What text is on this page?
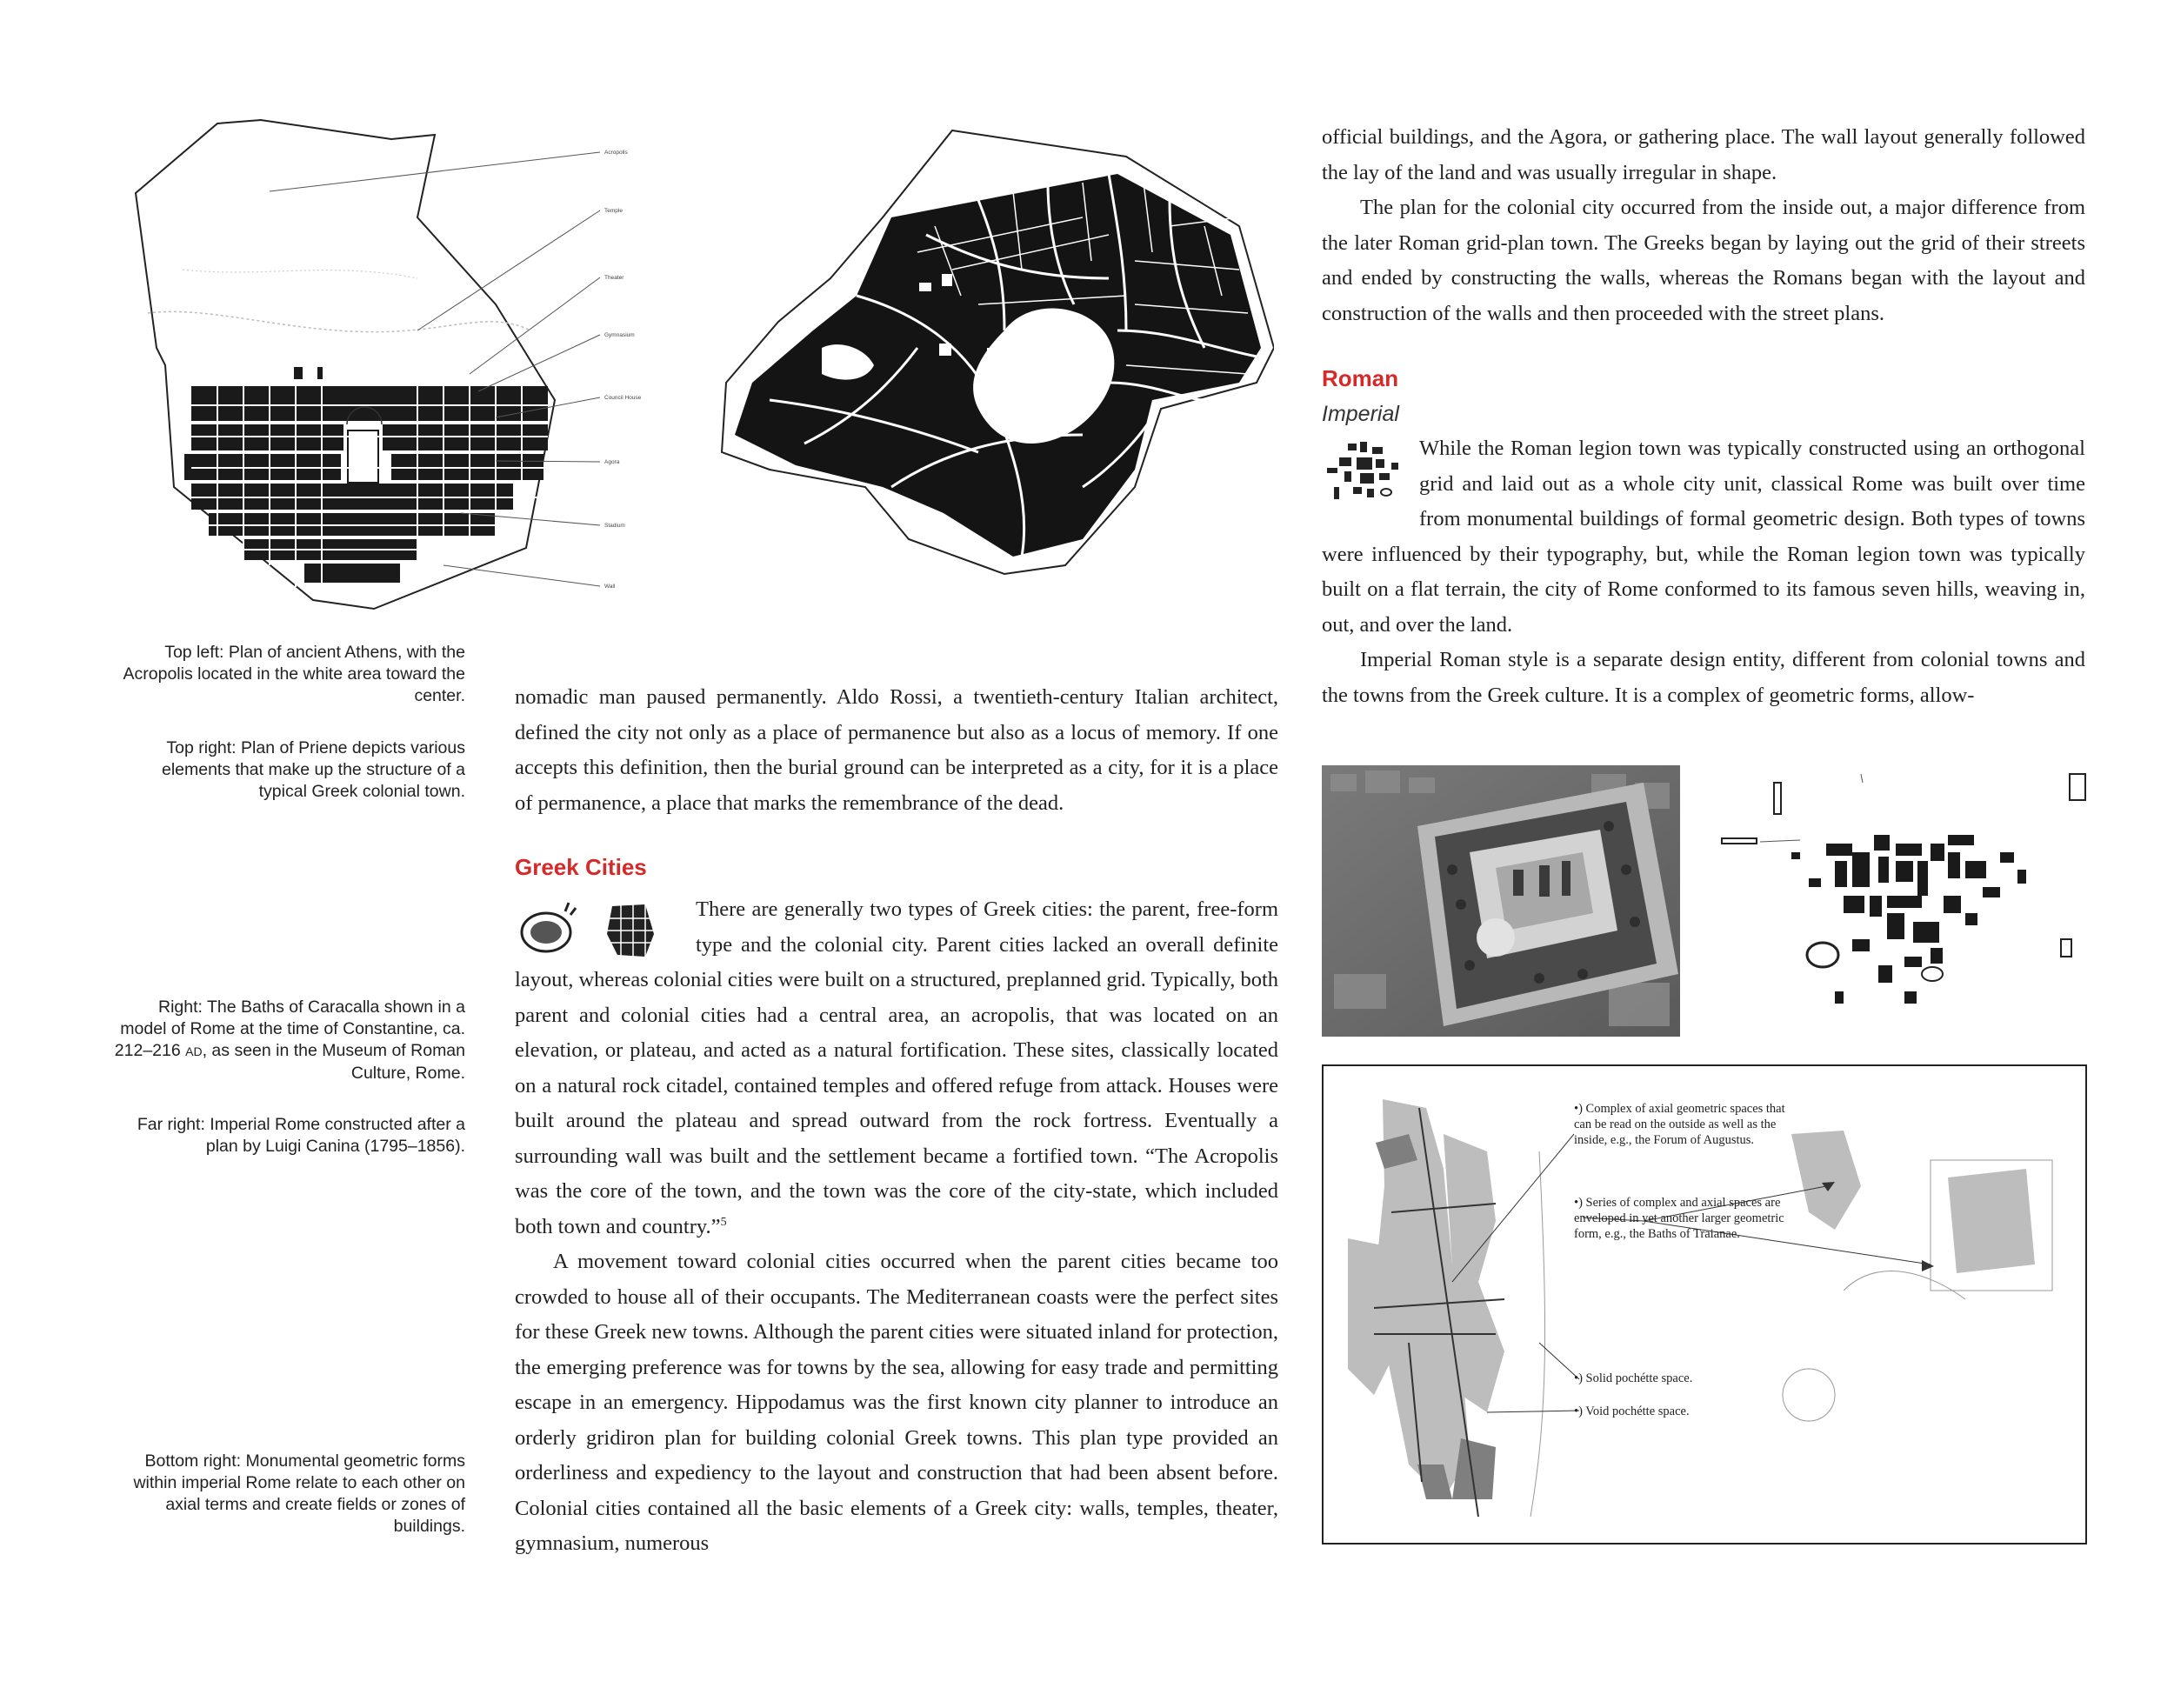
Top left: Plan of ancient Athens, with the Acropolis located in the white area toward the center.
Top right: Plan of Priene depicts various elements that make up the structure of a typical Greek colonial town.
Right: The Baths of Caracalla shown in a model of Rome at the time of Constantine, ca. 212–216 AD, as seen in the Museum of Roman Culture, Rome.
Far right: Imperial Rome constructed after a plan by Luigi Canina (1795–1856).
Bottom right: Monumental geometric forms within imperial Rome relate to each other on axial terms and create fields or zones of buildings.
Acropolis
Temple
Theater
Gymnasium
Council House
Agora
Stadium
Wall

nomadic man paused permanently. Aldo Rossi, a twentieth-century Italian architect, defined the city not only as a place of permanence but also as a locus of memory. If one accepts this definition, then the burial ground can be interpreted as a city, for it is a place of permanence, a place that marks the remembrance of the dead.

Greek Cities

There are generally two types of Greek cities: the parent, free-form type and the colonial city. Parent cities lacked an overall definite layout, whereas colonial cities were built on a structured, preplanned grid. Typically, both parent and colonial cities had a central area, an acropolis, that was located on an elevation, or plateau, and acted as a natural fortification. These sites, classically located on a natural rock citadel, contained temples and offered refuge from attack. Houses were built around the plateau and spread outward from the rock fortress. Eventually a surrounding wall was built and the settlement became a fortified town. “The Acropolis was the core of the town, and the town was the core of the city-state, which included both town and country.”$^5$

A movement toward colonial cities occurred when the parent cities became too crowded to house all of their occupants. The Mediterranean coasts were the perfect sites for these Greek new towns. Although the parent cities were situated inland for protection, the emerging preference was for towns by the sea, allowing for easy trade and permitting escape in an emergency. Hippodamus was the first known city planner to introduce an orderly gridiron plan for building colonial Greek towns. This plan type provided an orderliness and expediency to the layout and construction that had been absent before. Colonial cities contained all the basic elements of a Greek city: walls, temples, theater, gymnasium, numerous

official buildings, and the Agora, or gathering place. The wall layout generally followed the lay of the land and was usually irregular in shape.

The plan for the colonial city occurred from the inside out, a major difference from the later Roman grid-plan town. The Greeks began by laying out the grid of their streets and ended by constructing the walls, whereas the Romans began with the layout and construction of the walls and then proceeded with the street plans.

Roman
Imperial

While the Roman legion town was typically constructed using an orthogonal grid and laid out as a whole city unit, classical Rome was built over time from monumental buildings of formal geometric design. Both types of towns were influenced by their typography, but, while the Roman legion town was typically built on a flat terrain, the city of Rome conformed to its famous seven hills, weaving in, out, and over the land.

Imperial Roman style is a separate design entity, different from colonial towns and the towns from the Greek culture. It is a complex of geometric forms, allow-

•) Complex of axial geometric spaces that can be read on the outside as well as the inside, e.g., the Forum of Augustus.
•) Series of complex and axial spaces are enveloped in yet another larger geometric form, e.g., the Baths of Traianae.
•) Solid pochétte space.
•) Void pochétte space.
